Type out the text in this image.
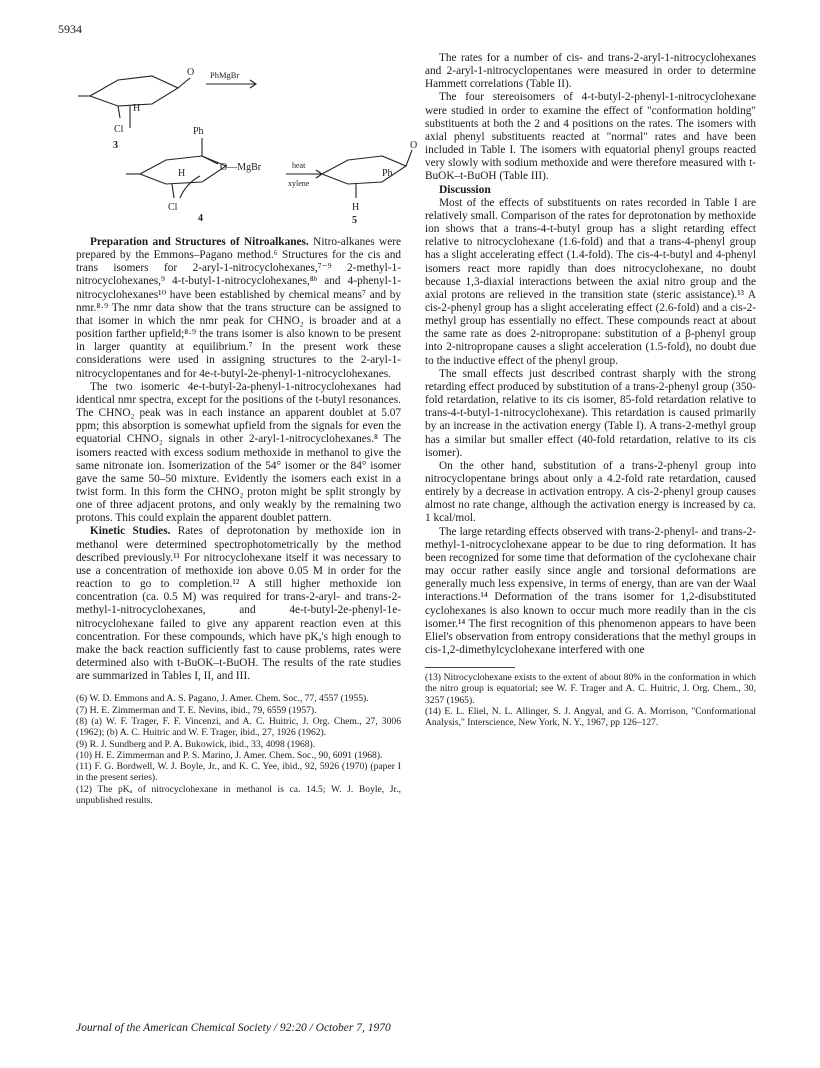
5934
PhMgBr
O
H
Cl
3
Ph
O—MgBr
H
Cl
4
heat
xylene
O
Ph
H
5

Preparation and Structures of Nitroalkanes. Nitro-alkanes were prepared by the Emmons–Pagano method.⁶ Structures for the cis and trans isomers for 2-aryl-1-nitrocyclohexanes,⁷⁻⁹ 2-methyl-1-nitrocyclohexanes,⁹ 4-t-butyl-1-nitrocyclohexanes,⁸ᵇ and 4-phenyl-1-nitrocyclohexanes¹⁰ have been established by chemical means⁷ and by nmr.⁸·⁹ The nmr data show that the trans structure can be assigned to that isomer in which the nmr peak for CHNO₂ is broader and at a position farther upfield;⁸·⁹ the trans isomer is also known to be present in larger quantity at equilibrium.⁷ In the present work these considerations were used in assigning structures to the 2-aryl-1-nitrocyclopentanes and for 4e-t-butyl-2e-phenyl-1-nitrocyclohexanes.

The two isomeric 4e-t-butyl-2a-phenyl-1-nitrocyclohexanes had identical nmr spectra, except for the positions of the t-butyl resonances. The CHNO₂ peak was in each instance an apparent doublet at 5.07 ppm; this absorption is somewhat upfield from the signals for even the equatorial CHNO₂ signals in other 2-aryl-1-nitrocyclohexanes.⁸ The isomers reacted with excess sodium methoxide in methanol to give the same nitronate ion. Isomerization of the 54° isomer or the 84° isomer gave the same 50–50 mixture. Evidently the isomers each exist in a twist form. In this form the CHNO₂ proton might be split strongly by one of three adjacent protons, and only weakly by the remaining two protons. This could explain the apparent doublet pattern.

Kinetic Studies. Rates of deprotonation by methoxide ion in methanol were determined spectrophotometrically by the method described previously.¹¹ For nitrocyclohexane itself it was necessary to use a concentration of methoxide ion above 0.05 M in order for the reaction to go to completion.¹² A still higher methoxide ion concentration (ca. 0.5 M) was required for trans-2-aryl- and trans-2-methyl-1-nitrocyclohexanes, and 4e-t-butyl-2e-phenyl-1e-nitrocyclohexane failed to give any apparent reaction even at this concentration. For these compounds, which have pKₐ's high enough to make the back reaction sufficiently fast to cause problems, rates were determined also with t-BuOK–t-BuOH. The results of the rate studies are summarized in Tables I, II, and III.

(6) W. D. Emmons and A. S. Pagano, J. Amer. Chem. Soc., 77, 4557 (1955).
(7) H. E. Zimmerman and T. E. Nevins, ibid., 79, 6559 (1957).
(8) (a) W. F. Trager, F. F. Vincenzi, and A. C. Huitric, J. Org. Chem., 27, 3006 (1962); (b) A. C. Huitric and W. F. Trager, ibid., 27, 1926 (1962).
(9) R. J. Sundberg and P. A. Bukowick, ibid., 33, 4098 (1968).
(10) H. E. Zimmerman and P. S. Marino, J. Amer. Chem. Soc., 90, 6091 (1968).
(11) F. G. Bordwell, W. J. Boyle, Jr., and K. C. Yee, ibid., 92, 5926 (1970) (paper I in the present series).
(12) The pKₐ of nitrocyclohexane in methanol is ca. 14.5; W. J. Boyle, Jr., unpublished results.

The rates for a number of cis- and trans-2-aryl-1-nitrocyclohexanes and 2-aryl-1-nitrocyclopentanes were measured in order to determine Hammett correlations (Table II).

The four stereoisomers of 4-t-butyl-2-phenyl-1-nitrocyclohexane were studied in order to examine the effect of "conformation holding" substituents at both the 2 and 4 positions on the rates. The isomers with axial phenyl substituents reacted at "normal" rates and have been included in Table I. The isomers with equatorial phenyl groups reacted very slowly with sodium methoxide and were therefore measured with t-BuOK–t-BuOH (Table III).

Discussion

Most of the effects of substituents on rates recorded in Table I are relatively small. Comparison of the rates for deprotonation by methoxide ion shows that a trans-4-t-butyl group has a slight retarding effect relative to nitrocyclohexane (1.6-fold) and that a trans-4-phenyl group has a slight accelerating effect (1.4-fold). The cis-4-t-butyl and 4-phenyl isomers react more rapidly than does nitrocyclohexane, no doubt because 1,3-diaxial interactions between the axial nitro group and the axial protons are relieved in the transition state (steric assistance).¹³ A cis-2-phenyl group has a slight accelerating effect (2.6-fold) and a cis-2-methyl group has essentially no effect. These compounds react at about the same rate as does 2-nitropropane: substitution of a β-phenyl group into 2-nitropropane causes a slight acceleration (1.5-fold), no doubt due to the inductive effect of the phenyl group.

The small effects just described contrast sharply with the strong retarding effect produced by substitution of a trans-2-phenyl group (350-fold retardation, relative to its cis isomer, 85-fold retardation relative to trans-4-t-butyl-1-nitrocyclohexane). This retardation is caused primarily by an increase in the activation energy (Table I). A trans-2-methyl group has a similar but smaller effect (40-fold retardation, relative to its cis isomer).

On the other hand, substitution of a trans-2-phenyl group into nitrocyclopentane brings about only a 4.2-fold rate retardation, caused entirely by a decrease in activation entropy. A cis-2-phenyl group causes almost no rate change, although the activation energy is increased by ca. 1 kcal/mol.

The large retarding effects observed with trans-2-phenyl- and trans-2-methyl-1-nitrocyclohexane appear to be due to ring deformation. It has been recognized for some time that deformation of the cyclohexane chair may occur rather easily since angle and torsional deformations are generally much less expensive, in terms of energy, than are van der Waal interactions.¹⁴ Deformation of the trans isomer for 1,2-disubstituted cyclohexanes is also known to occur much more readily than in the cis isomer.¹⁴ The first recognition of this phenomenon appears to have been Eliel's observation from entropy considerations that the methyl groups in cis-1,2-dimethylcyclohexane interfered with one

(13) Nitrocyclohexane exists to the extent of about 80% in the conformation in which the nitro group is equatorial; see W. F. Trager and A. C. Huitric, J. Org. Chem., 30, 3257 (1965).
(14) E. L. Eliel, N. L. Allinger, S. J. Angyal, and G. A. Morrison, "Conformational Analysis," Interscience, New York, N. Y., 1967, pp 126–127.
Journal of the American Chemical Society / 92:20 / October 7, 1970
